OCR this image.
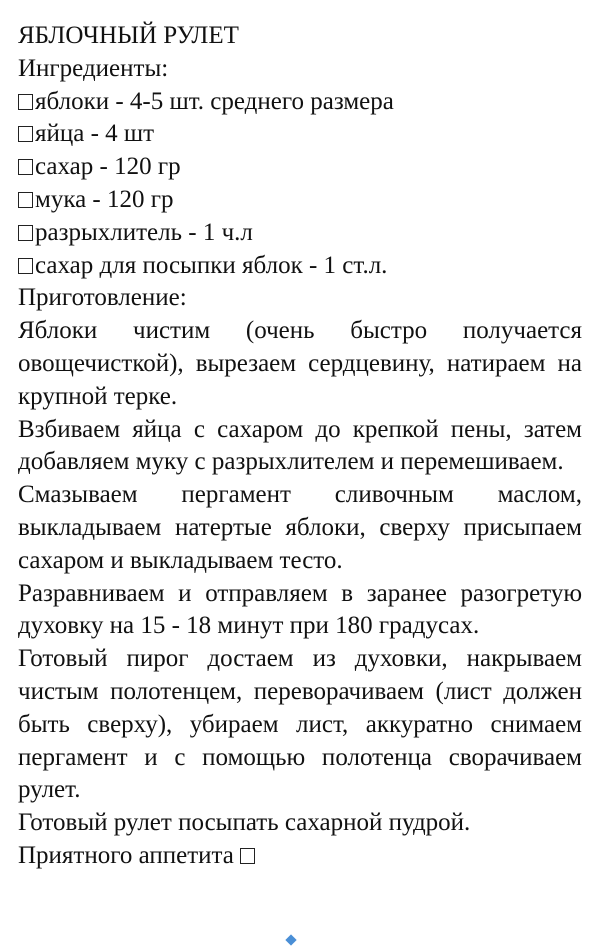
ЯБЛОЧНЫЙ РУЛЕТ
Ингредиенты:
яблоки - 4-5 шт. среднего размера
яйца - 4 шт
сахар - 120 гр
мука - 120 гр
разрыхлитель - 1 ч.л
сахар для посыпки яблок - 1 ст.л.
Приготовление:
Яблоки чистим (очень быстро получается овощечисткой), вырезаем сердцевину, натираем на крупной терке.
Взбиваем яйца с сахаром до крепкой пены, затем добавляем муку с разрыхлителем и перемешиваем.
Смазываем пергамент сливочным маслом, выкладываем натертые яблоки, сверху присыпаем сахаром и выкладываем тесто.
Разравниваем и отправляем в заранее разогретую духовку на 15 - 18 минут при 180 градусах.
Готовый пирог достаем из духовки, накрываем чистым полотенцем, переворачиваем (лист должен быть сверху), убираем лист, аккуратно снимаем пергамент и с помощью полотенца сворачиваем рулет.
Готовый рулет посыпать сахарной пудрой.
Приятного аппетита
